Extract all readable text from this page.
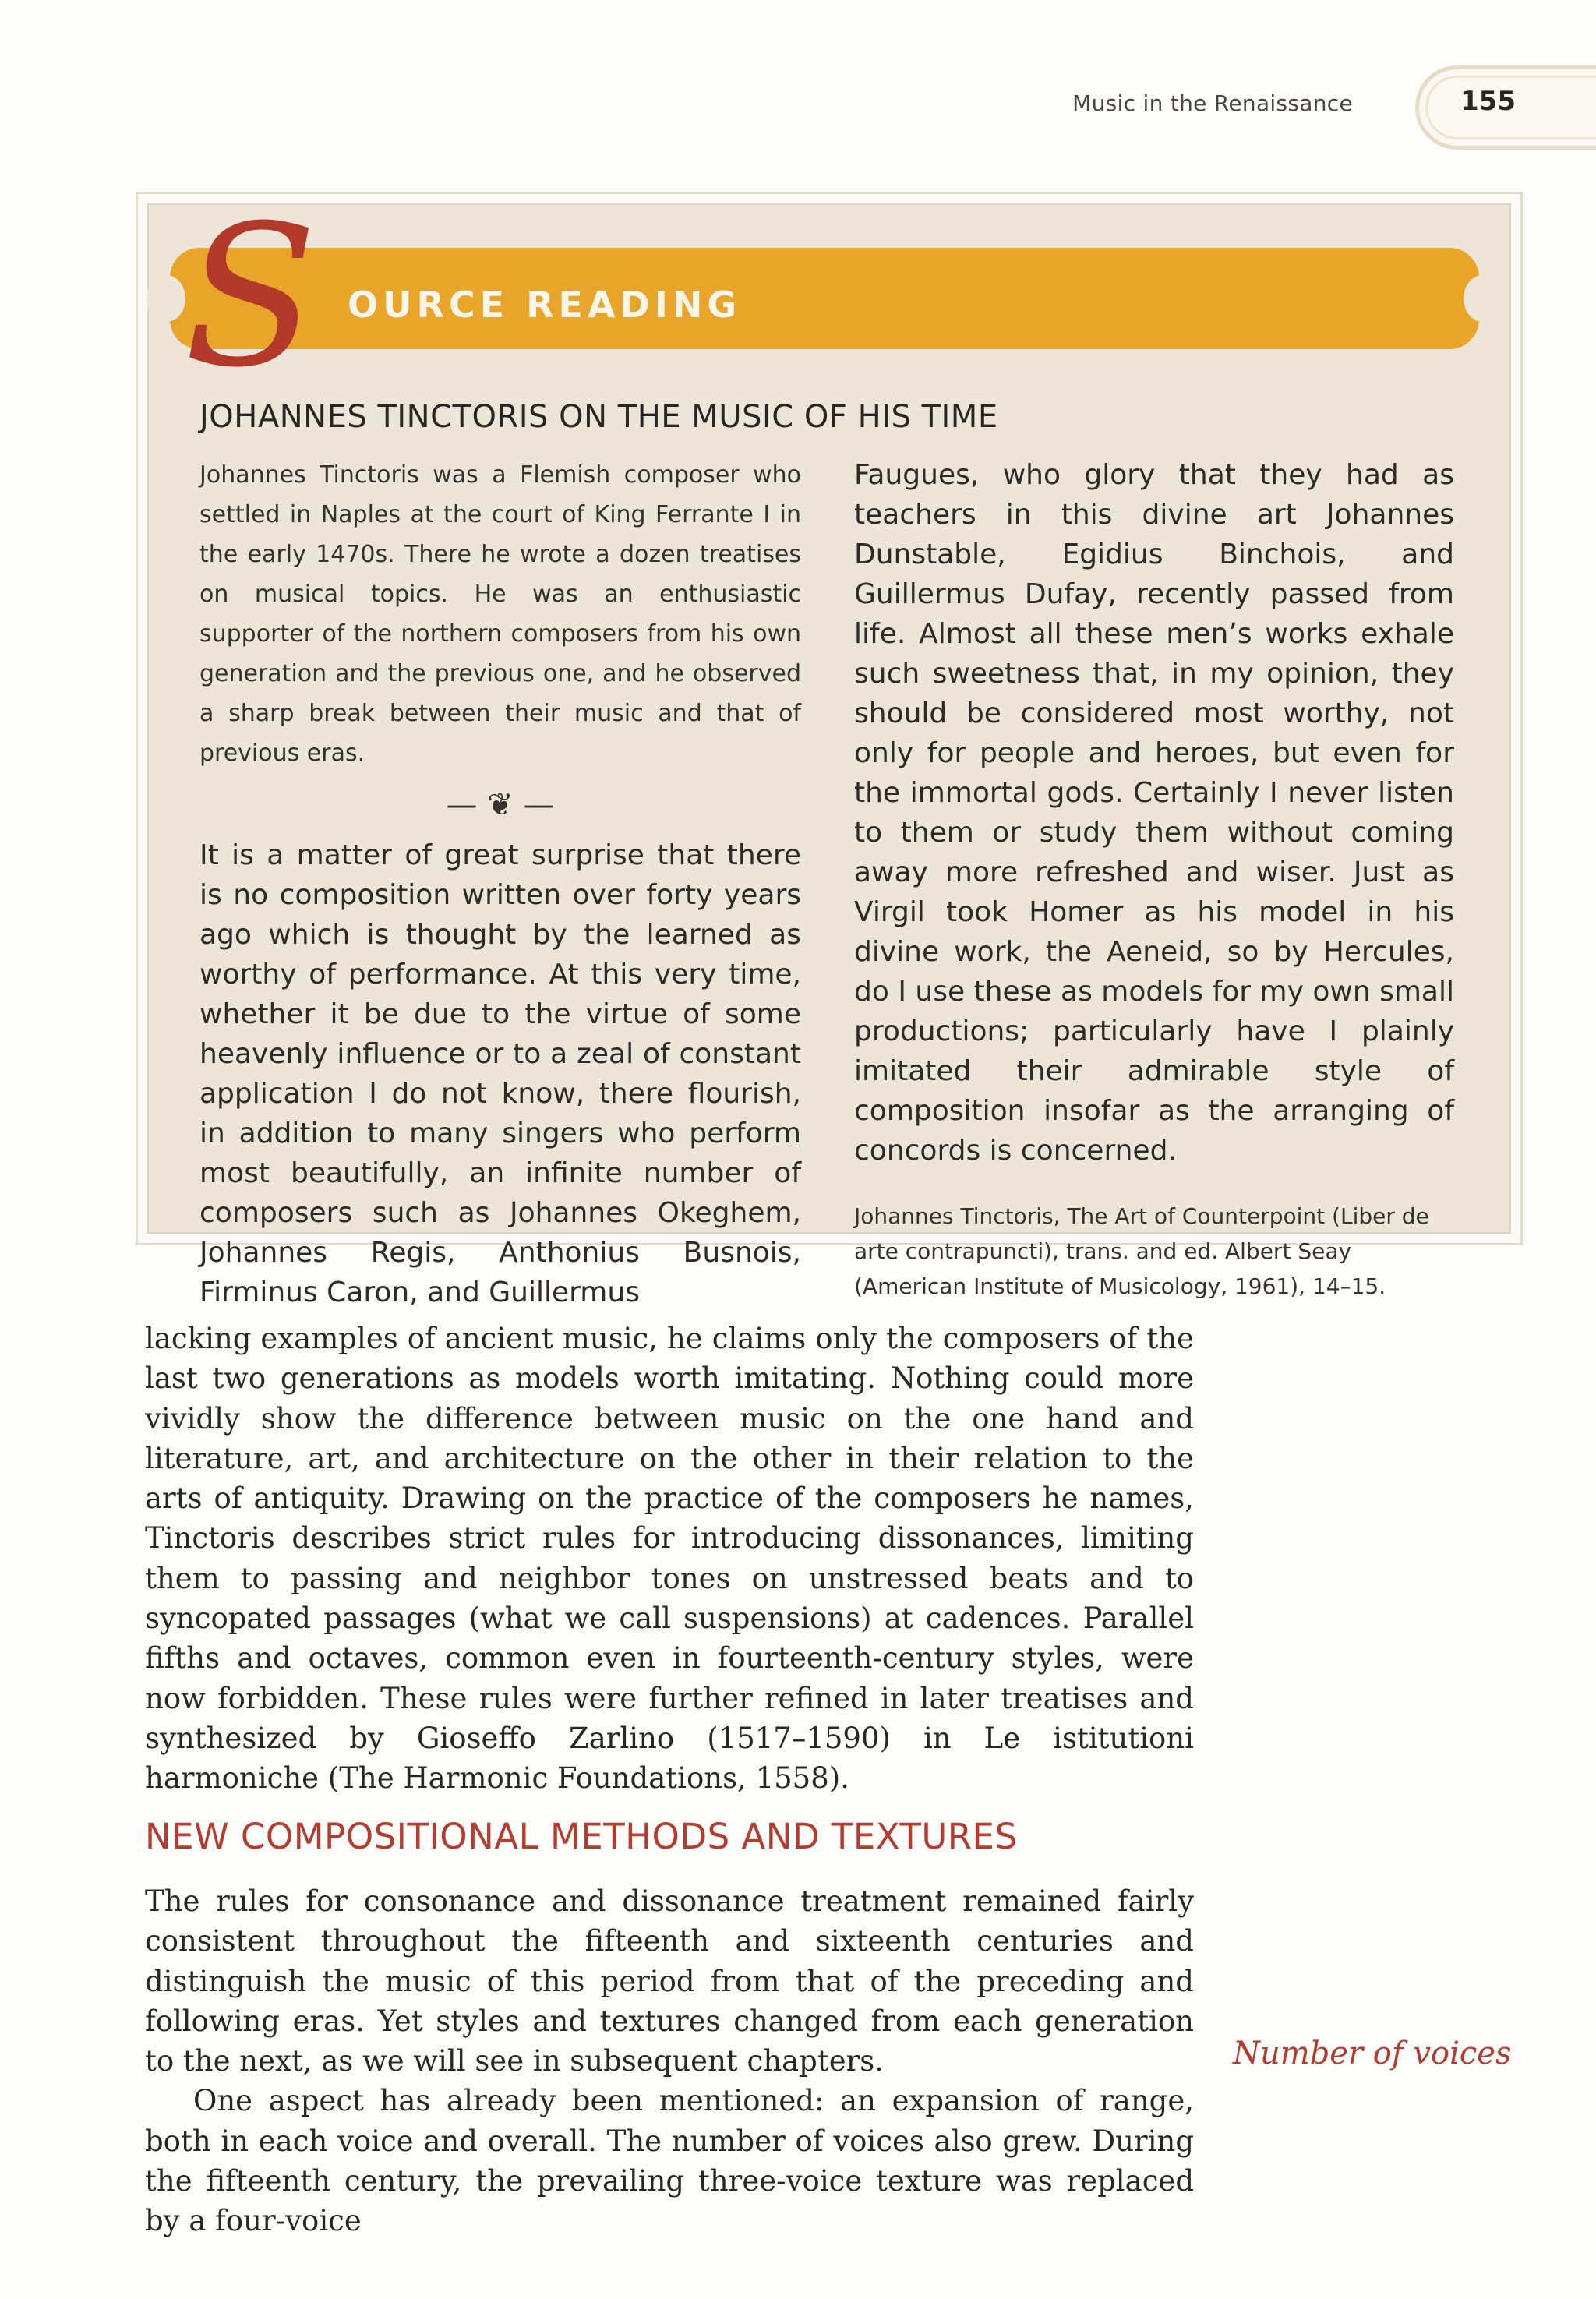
Music in the Renaissance	155
S OURCE READING
JOHANNES TINCTORIS ON THE MUSIC OF HIS TIME

Johannes Tinctoris was a Flemish composer who settled in Naples at the court of King Ferrante I in the early 1470s. There he wrote a dozen treatises on musical topics. He was an enthusiastic supporter of the northern composers from his own generation and the previous one, and he observed a sharp break between their music and that of previous eras.

— ❦ —

It is a matter of great surprise that there is no composition written over forty years ago which is thought by the learned as worthy of performance. At this very time, whether it be due to the virtue of some heavenly influence or to a zeal of constant application I do not know, there flourish, in addition to many singers who perform most beautifully, an infinite number of composers such as Johannes Okeghem, Johannes Regis, Anthonius Busnois, Firminus Caron, and Guillermus

Faugues, who glory that they had as teachers in this divine art Johannes Dunstable, Egidius Binchois, and Guillermus Dufay, recently passed from life. Almost all these men’s works exhale such sweetness that, in my opinion, they should be considered most worthy, not only for people and heroes, but even for the immortal gods. Certainly I never listen to them or study them without coming away more refreshed and wiser. Just as Virgil took Homer as his model in his divine work, the Aeneid, so by Hercules, do I use these as models for my own small productions; particularly have I plainly imitated their admirable style of composition insofar as the arranging of concords is concerned.

Johannes Tinctoris, The Art of Counterpoint (Liber de arte contrapuncti), trans. and ed. Albert Seay (American Institute of Musicology, 1961), 14–15.

lacking examples of ancient music, he claims only the composers of the last two generations as models worth imitating. Nothing could more vividly show the difference between music on the one hand and literature, art, and architecture on the other in their relation to the arts of antiquity. Drawing on the practice of the composers he names, Tinctoris describes strict rules for introducing dissonances, limiting them to passing and neighbor tones on unstressed beats and to syncopated passages (what we call suspensions) at cadences. Parallel fifths and octaves, common even in fourteenth-century styles, were now forbidden. These rules were further refined in later treatises and synthesized by Gioseffo Zarlino (1517–1590) in Le istitutioni harmoniche (The Harmonic Foundations, 1558).

NEW COMPOSITIONAL METHODS AND TEXTURES

The rules for consonance and dissonance treatment remained fairly consistent throughout the fifteenth and sixteenth centuries and distinguish the music of this period from that of the preceding and following eras. Yet styles and textures changed from each generation to the next, as we will see in subsequent chapters.

One aspect has already been mentioned: an expansion of range, both in each voice and overall. The number of voices also grew. During the fifteenth century, the prevailing three-voice texture was replaced by a four-voice

Number of voices
